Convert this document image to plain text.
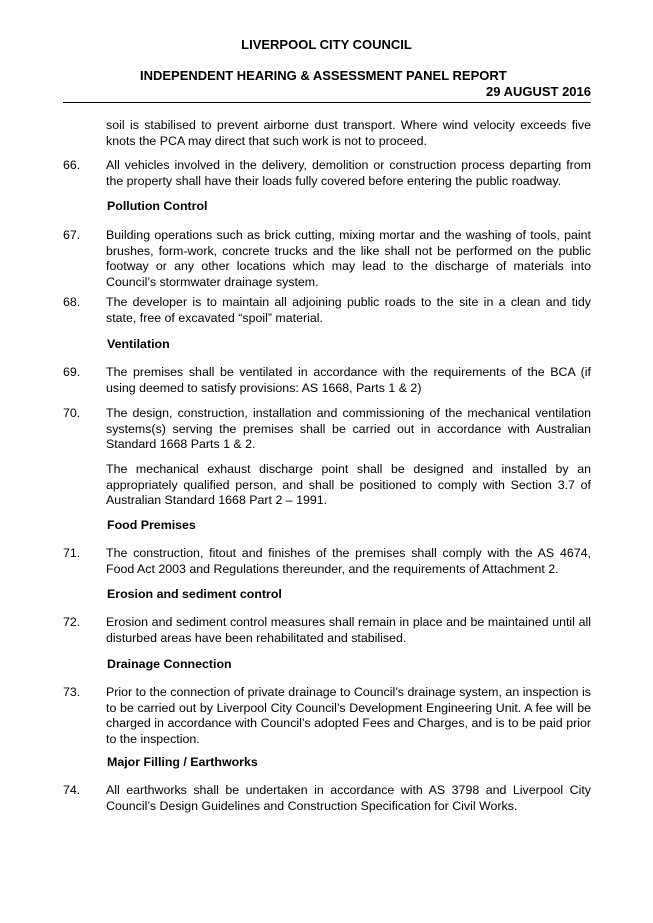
LIVERPOOL CITY COUNCIL
INDEPENDENT HEARING & ASSESSMENT PANEL REPORT
29 AUGUST 2016
soil is stabilised to prevent airborne dust transport. Where wind velocity exceeds five knots the PCA may direct that such work is not to proceed.
66. All vehicles involved in the delivery, demolition or construction process departing from the property shall have their loads fully covered before entering the public roadway.
Pollution Control
67. Building operations such as brick cutting, mixing mortar and the washing of tools, paint brushes, form-work, concrete trucks and the like shall not be performed on the public footway or any other locations which may lead to the discharge of materials into Council’s stormwater drainage system.
68. The developer is to maintain all adjoining public roads to the site in a clean and tidy state, free of excavated “spoil” material.
Ventilation
69. The premises shall be ventilated in accordance with the requirements of the BCA (if using deemed to satisfy provisions: AS 1668, Parts 1 & 2)
70. The design, construction, installation and commissioning of the mechanical ventilation systems(s) serving the premises shall be carried out in accordance with Australian Standard 1668 Parts 1 & 2.
The mechanical exhaust discharge point shall be designed and installed by an appropriately qualified person, and shall be positioned to comply with Section 3.7 of Australian Standard 1668 Part 2 – 1991.
Food Premises
71. The construction, fitout and finishes of the premises shall comply with the AS 4674, Food Act 2003 and Regulations thereunder, and the requirements of Attachment 2.
Erosion and sediment control
72. Erosion and sediment control measures shall remain in place and be maintained until all disturbed areas have been rehabilitated and stabilised.
Drainage Connection
73. Prior to the connection of private drainage to Council’s drainage system, an inspection is to be carried out by Liverpool City Council’s Development Engineering Unit. A fee will be charged in accordance with Council’s adopted Fees and Charges, and is to be paid prior to the inspection.
Major Filling / Earthworks
74. All earthworks shall be undertaken in accordance with AS 3798 and Liverpool City Council’s Design Guidelines and Construction Specification for Civil Works.
